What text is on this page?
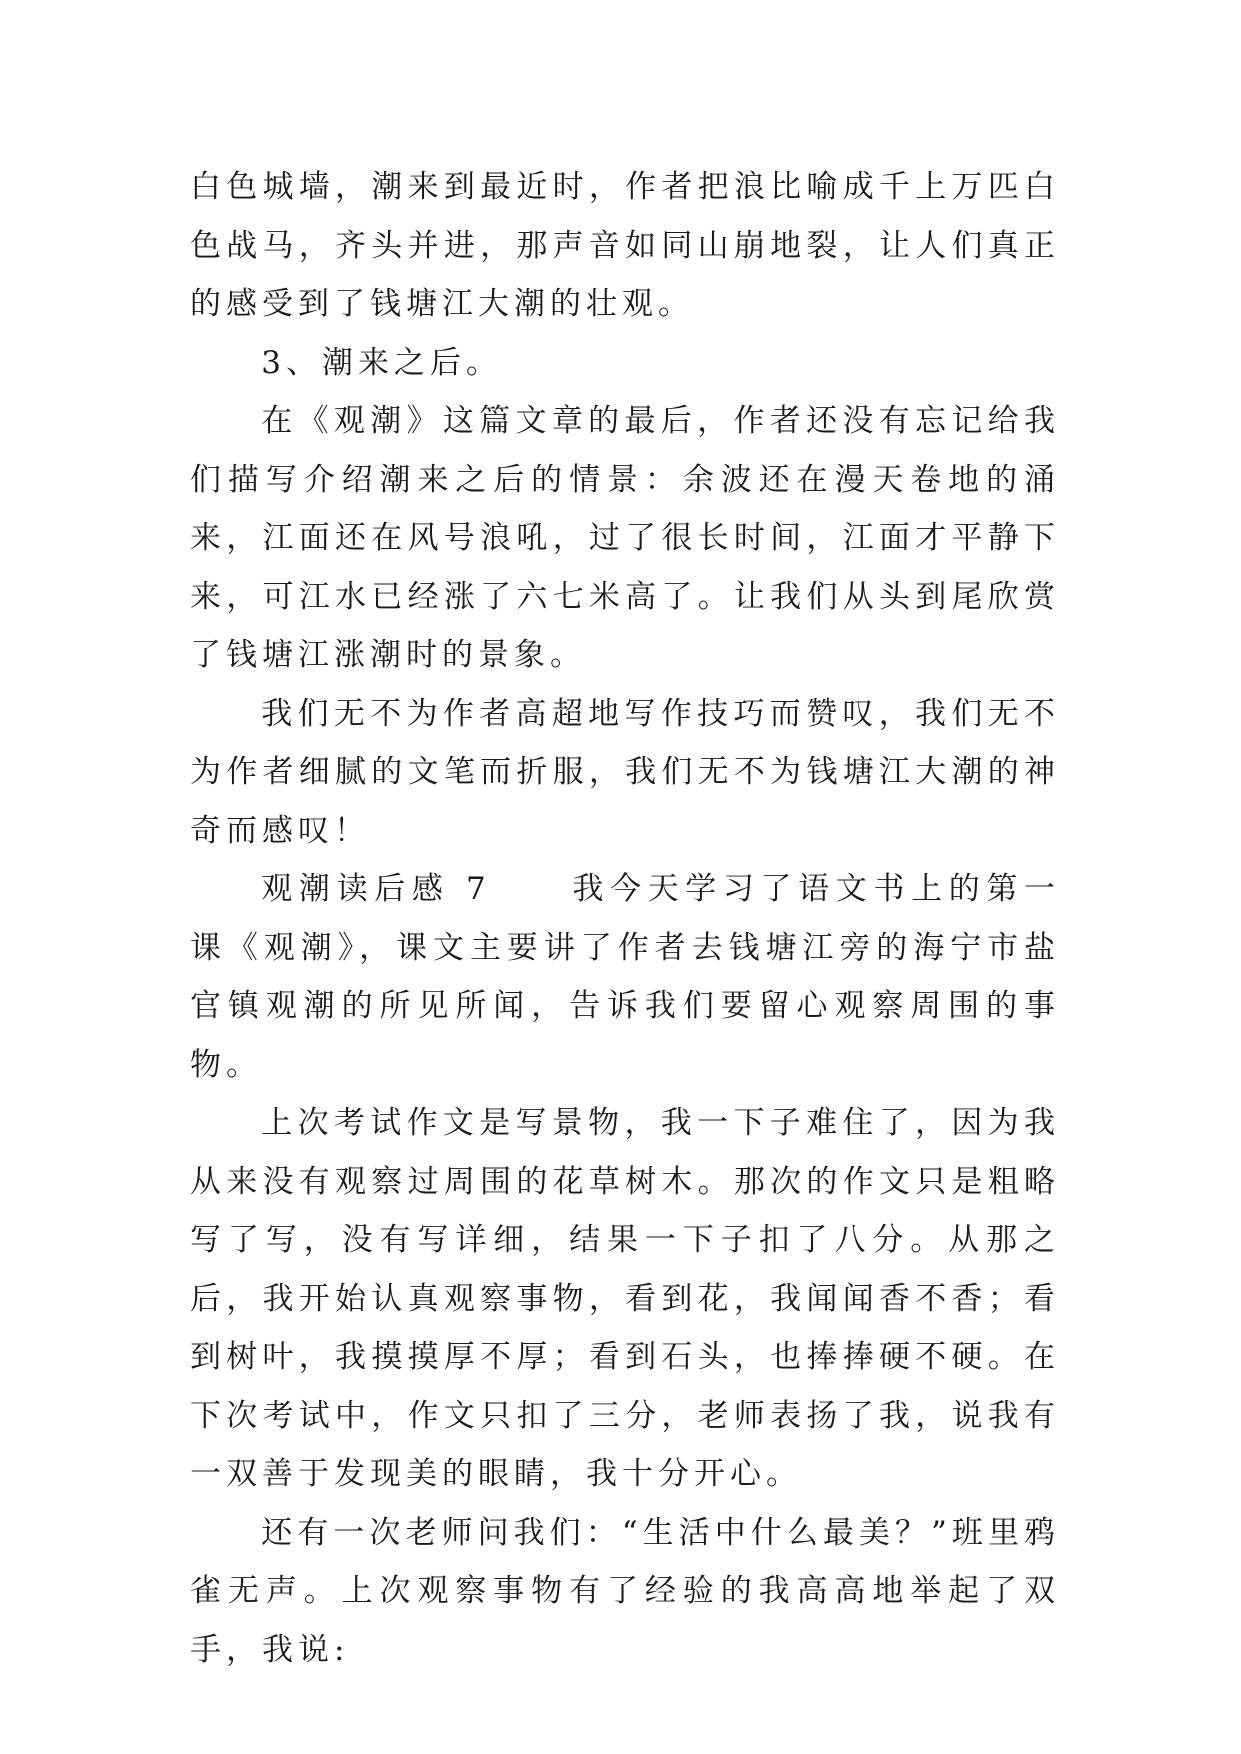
白色城墙，潮来到最近时，作者把浪比喻成千上万匹白色战马，齐头并进，那声音如同山崩地裂，让人们真正的感受到了钱塘江大潮的壮观。

3、潮来之后。

在《观潮》这篇文章的最后，作者还没有忘记给我们描写介绍潮来之后的情景：余波还在漫天卷地的涌来，江面还在风号浪吼，过了很长时间，江面才平静下来，可江水已经涨了六七米高了。让我们从头到尾欣赏了钱塘江涨潮时的景象。

我们无不为作者高超地写作技巧而赞叹，我们无不为作者细腻的文笔而折服，我们无不为钱塘江大潮的神奇而感叹！

观潮读后感 7	我今天学习了语文书上的第一课《观潮》，课文主要讲了作者去钱塘江旁的海宁市盐官镇观潮的所见所闻，告诉我们要留心观察周围的事物。

上次考试作文是写景物，我一下子难住了，因为我从来没有观察过周围的花草树木。那次的作文只是粗略写了写，没有写详细，结果一下子扣了八分。从那之后，我开始认真观察事物，看到花，我闻闻香不香；看到树叶，我摸摸厚不厚；看到石头，也捧捧硬不硬。在下次考试中，作文只扣了三分，老师表扬了我，说我有一双善于发现美的眼睛，我十分开心。

还有一次老师问我们：“生活中什么最美？”班里鸦雀无声。上次观察事物有了经验的我高高地举起了双手，我说:
